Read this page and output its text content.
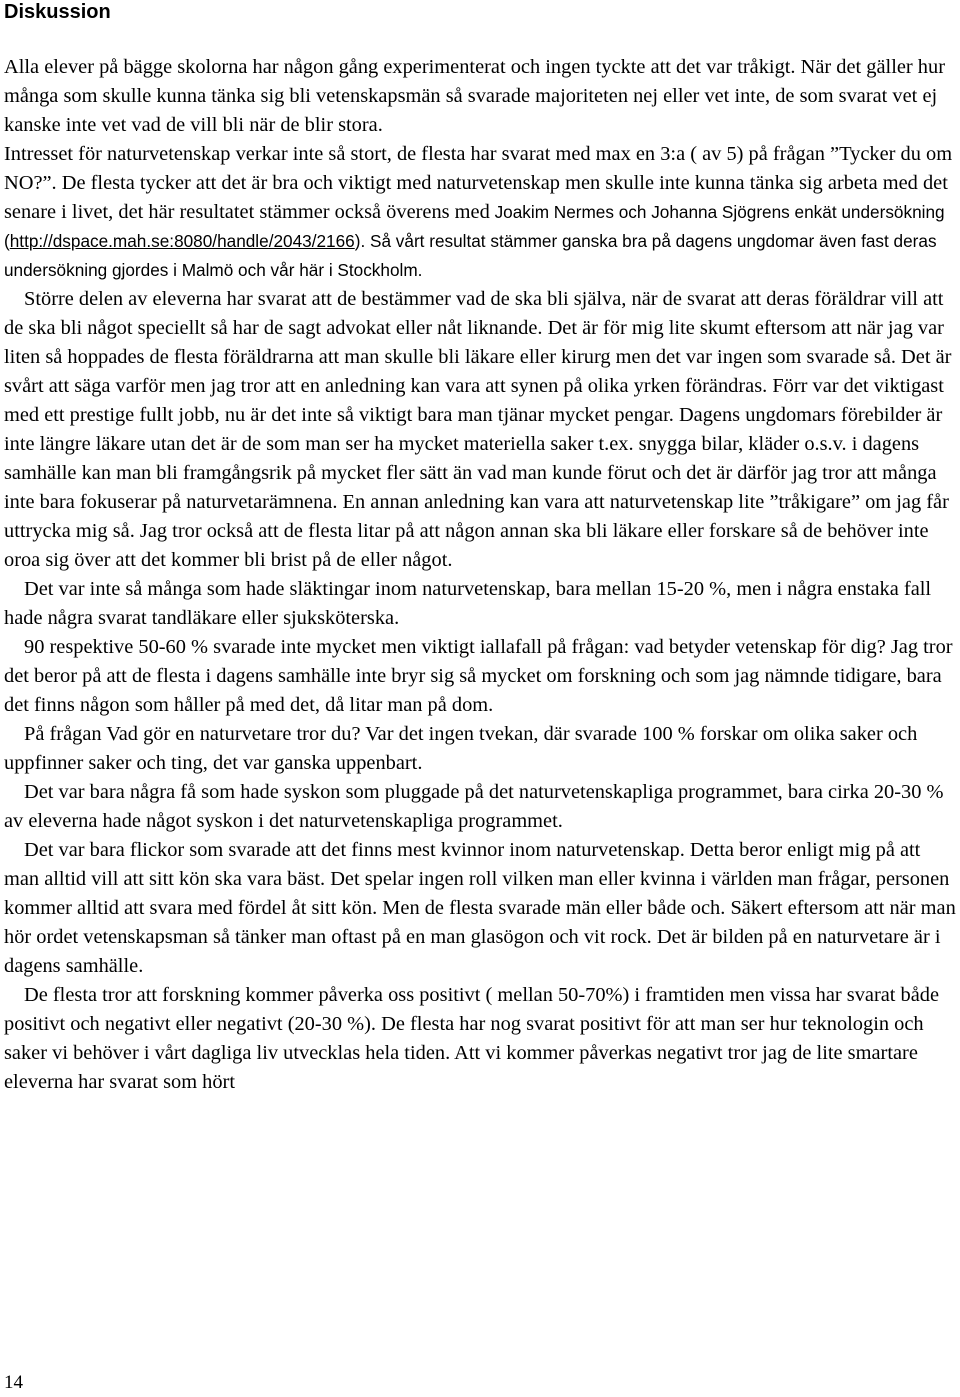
Diskussion

Alla elever på bägge skolorna har någon gång experimenterat och ingen tyckte att det var tråkigt. När det gäller hur många som skulle kunna tänka sig bli vetenskapsmän så svarade majoriteten nej eller vet inte, de som svarat vet ej kanske inte vet vad de vill bli när de blir stora.

Intresset för naturvetenskap verkar inte så stort, de flesta har svarat med max en 3:a ( av 5) på frågan ”Tycker du om NO?”. De flesta tycker att det är bra och viktigt med naturvetenskap men skulle inte kunna tänka sig arbeta med det senare i livet, det här resultatet stämmer också överens med Joakim Nermes och Johanna Sjögrens enkät undersökning
(http://dspace.mah.se:8080/handle/2043/2166). Så vårt resultat stämmer ganska bra på dagens ungdomar även fast deras undersökning gjordes i Malmö och vår här i Stockholm.

Större delen av eleverna har svarat att de bestämmer vad de ska bli själva, när de svarat att deras föräldrar vill att de ska bli något speciellt så har de sagt advokat eller nåt liknande. Det är för mig lite skumt eftersom att när jag var liten så hoppades de flesta föräldrarna att man skulle bli läkare eller kirurg men det var ingen som svarade så. Det är svårt att säga varför men jag tror att en anledning kan vara att synen på olika yrken förändras. Förr var det viktigast med ett prestige fullt jobb, nu är det inte så viktigt bara man tjänar mycket pengar. Dagens ungdomars förebilder är inte längre läkare utan det är de som man ser ha mycket materiella saker t.ex. snygga bilar, kläder o.s.v. i dagens samhälle kan man bli framgångsrik på mycket fler sätt än vad man kunde förut och det är därför jag tror att många inte bara fokuserar på naturvetarämnena. En annan anledning kan vara att naturvetenskap lite ”tråkigare” om jag får uttrycka mig så. Jag tror också att de flesta litar på att någon annan ska bli läkare eller forskare så de behöver inte oroa sig över att det kommer bli brist på de eller något.

Det var inte så många som hade släktingar inom naturvetenskap, bara mellan 15-20 %, men i några enstaka fall hade några svarat tandläkare eller sjuksköterska.

90 respektive 50-60 % svarade inte mycket men viktigt iallafall på frågan: vad betyder vetenskap för dig? Jag tror det beror på att de flesta i dagens samhälle inte bryr sig så mycket om forskning och som jag nämnde tidigare, bara det finns någon som håller på med det, då litar man på dom.

På frågan Vad gör en naturvetare tror du? Var det ingen tvekan, där svarade 100 % forskar om olika saker och uppfinner saker och ting, det var ganska uppenbart.

Det var bara några få som hade syskon som pluggade på det naturvetenskapliga programmet, bara cirka 20-30 % av eleverna hade något syskon i det naturvetenskapliga programmet.

Det var bara flickor som svarade att det finns mest kvinnor inom naturvetenskap. Detta beror enligt mig på att man alltid vill att sitt kön ska vara bäst. Det spelar ingen roll vilken man eller kvinna i världen man frågar, personen kommer alltid att svara med fördel åt sitt kön. Men de flesta svarade män eller både och. Säkert eftersom att när man hör ordet vetenskapsman så tänker man oftast på en man glasögon och vit rock. Det är bilden på en naturvetare är i dagens samhälle.

De flesta tror att forskning kommer påverka oss positivt ( mellan 50-70%) i framtiden men vissa har svarat både positivt och negativt eller negativt (20-30 %). De flesta har nog svarat positivt för att man ser hur teknologin och saker vi behöver i vårt dagliga liv utvecklas hela tiden. Att vi kommer påverkas negativt tror jag de lite smartare eleverna har svarat som hört

14
